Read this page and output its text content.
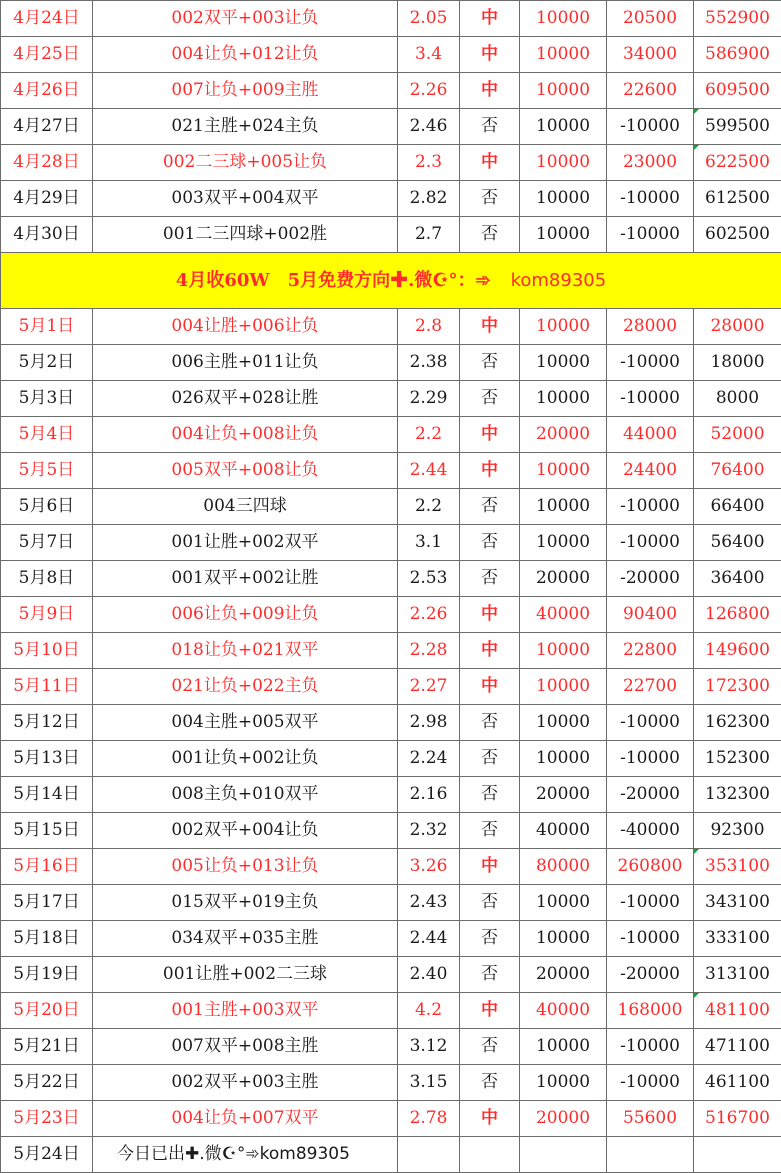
4月24日	002双平+003让负	2.05	中	10000	20500	552900
4月25日	004让负+012让负	3.4	中	10000	34000	586900
4月26日	007让负+009主胜	2.26	中	10000	22600	609500
4月27日	021主胜+024主负	2.46	否	10000	-10000	599500
4月28日	002二三球+005让负	2.3	中	10000	23000	622500
4月29日	003双平+004双平	2.82	否	10000	-10000	612500
4月30日	001二三四球+002胜	2.7	否	10000	-10000	602500
4月收60W　5月免费方向✚.微☪°：➾ kom89305						
5月1日	004让胜+006让负	2.8	中	10000	28000	28000
5月2日	006主胜+011让负	2.38	否	10000	-10000	18000
5月3日	026双平+028让胜	2.29	否	10000	-10000	8000
5月4日	004让负+008让负	2.2	中	20000	44000	52000
5月5日	005双平+008让负	2.44	中	10000	24400	76400
5月6日	004三四球	2.2	否	10000	-10000	66400
5月7日	001让胜+002双平	3.1	否	10000	-10000	56400
5月8日	001双平+002让胜	2.53	否	20000	-20000	36400
5月9日	006让负+009让负	2.26	中	40000	90400	126800
5月10日	018让负+021双平	2.28	中	10000	22800	149600
5月11日	021让负+022主负	2.27	中	10000	22700	172300
5月12日	004主胜+005双平	2.98	否	10000	-10000	162300
5月13日	001让负+002让负	2.24	否	10000	-10000	152300
5月14日	008主负+010双平	2.16	否	20000	-20000	132300
5月15日	002双平+004让负	2.32	否	40000	-40000	92300
5月16日	005让负+013让负	3.26	中	80000	260800	353100
5月17日	015双平+019主负	2.43	否	10000	-10000	343100
5月18日	034双平+035主胜	2.44	否	10000	-10000	333100
5月19日	001让胜+002二三球	2.40	否	20000	-20000	313100
5月20日	001主胜+003双平	4.2	中	40000	168000	481100
5月21日	007双平+008主胜	3.12	否	10000	-10000	471100
5月22日	002双平+003主胜	3.15	否	10000	-10000	461100
5月23日	004让负+007双平	2.78	中	20000	55600	516700
5月24日	今日已出✚.微☪°➾kom89305					
